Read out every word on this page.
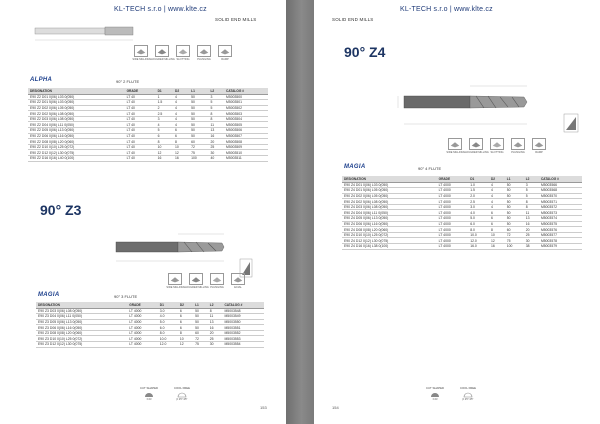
KL-TECH s.r.o | www.klte.cz
SOLID END MILLS
SIDE MILLING SHOULDER MILLING SLOTTING	PLUNGING	RAMP
ALPHA	90° 2 FLUTE
DESIGNATION	GRADE	D1	D2	L1	L2	CATALOG #
E90 Z2 D01 0(06) L03 0(050)	LT 40	1	4	50	3	M5003500
E90 Z2 D01 5(06) L03 0(050)	LT 40	1.5	4	50	5	M5003501
E90 Z2 D02 0(06) L05 0(050)	LT 40	2	4	50	5	M5003502
E90 Z2 D02 5(06) L08 0(050)	LT 40	2.5	4	50	8	M5003503
E90 Z2 D03 0(06) L08 0(050)	LT 40	3	4	50	8	M5003504
E90 Z2 D04 0(06) L11 0(050)	LT 40	4	4	50	11	M5003505
E90 Z2 D05 0(06) L13 0(050)	LT 40	5	6	50	13	M5003506
E90 Z2 D06 0(06) L16 0(050)	LT 40	6	6	50	16	M5003507
E90 Z2 D08 0(08) L20 0(060)	LT 40	8	8	60	20	M5003508
E90 Z2 D10 0(10) L25 0(072)	LT 40	10	10	72	25	M5003509
E90 Z2 D12 0(12) L30 0(075)	LT 40	12	12	75	30	M5003510
E90 Z2 D16 0(16) L40 0(100)	LT 40	16	16	100	40	M5003511
90° Z3
SIDE MILLING SHOULDER MILLING PLUNGING	ECIAL
MAGIA	90° 3 FLUTE
DESIGNATION	GRADE	D1	D2	L1	L2	CATALOG #
E90 Z3 D03 0(06) L08 0(050)	LT 4000	3.0	6	50	8	M5003548
E90 Z3 D04 0(06) L11 0(050)	LT 4000	4.0	6	50	11	M5003549
E90 Z3 D05 0(06) L13 0(050)	LT 4000	5.0	6	50	13	M5003550
E90 Z3 D06 0(06) L16 0(050)	LT 4000	6.0	6	50	16	M5003551
E90 Z3 D08 0(08) L20 0(060)	LT 4000	8.0	8	60	20	M5003552
E90 Z3 D10 0(10) L25 0(072)	LT 4000	10.0	10	72	25	M5003553
E90 Z3 D12 0(12) L30 0(075)	LT 4000	12.0	12	75	30	M5003554
CUT SHAPED
±.03
COOL FREE
β 25°-35°
153
KL-TECH s.r.o | www.klte.cz
SOLID END MILLS
90° Z4
SIDE MILLING SHOULDER MILLING SLOTTING	PLUNGING	RAMP
MAGIA	90° 4 FLUTE
DESIGNATION	GRADE	D1	D2	L1	L2	CATALOG #
E90 Z4 D01 0(06) L03 0(050)	LT 4000	1.0	4	50	3	M5003566
E90 Z4 D01 5(06) L05 0(050)	LT 4000	1.5	4	50	5	M5003568
E90 Z4 D02 0(06) L05 0(050)	LT 4000	2.0	4	50	5	M5003570
E90 Z4 D02 5(06) L08 0(050)	LT 4000	2.5	4	50	8	M5003571
E90 Z4 D03 0(06) L08 0(050)	LT 4000	3.0	4	50	8	M5003572
E90 Z4 D04 0(06) L11 0(050)	LT 4000	4.0	6	50	11	M5003573
E90 Z4 D05 0(06) L13 0(050)	LT 4000	5.0	6	50	13	M5003574
E90 Z4 D06 0(06) L16 0(050)	LT 4000	6.0	6	50	16	M5003575
E90 Z4 D08 0(08) L20 0(060)	LT 4000	8.0	8	60	20	M5003576
E90 Z4 D10 0(10) L25 0(072)	LT 4000	10.0	10	72	25	M5003577
E90 Z4 D12 0(12) L30 0(075)	LT 4000	12.0	12	75	30	M5003578
E90 Z4 D16 0(16) L38 0(100)	LT 4000	16.0	16	100	38	M5003579
CUT SHAPED
±.03
COOL FREE
β 25°-35°
154
